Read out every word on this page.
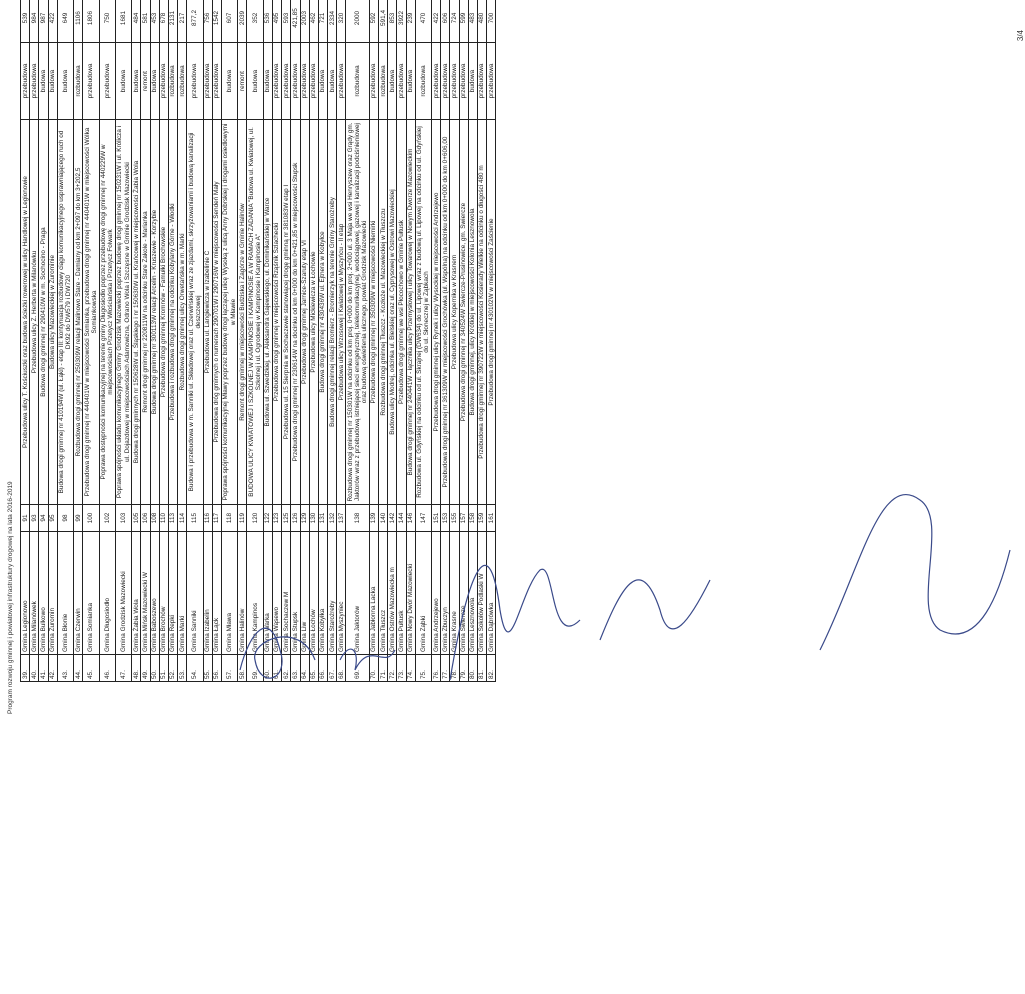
3/4
39.	Gmina Legionowo	91	Przebudowa ulicy T. Kościuszki oraz budowa ścieżki rowerowej w ulicy Handlowej w Legionowie	przebudowa	539
40.	Gmina Milanówek	93	Przebudowa ulicy Z. Herberta w Milanówku	przebudowa	984
41.	Gmina Bulkowo	94	Budowa drogi gminnej nr 290410W w m. Sochocino - Praga	budowa	987
42.	Gmina Żuromin	95	Budowa ulicy Mazowieckiej w Żurominie	budowa	422
43.	Gmina Błonie	98	Budowa drogi gminnej nr 410194W (ul. Łąki) - etap III: kontynuacja rozbudowy ciągu komunikacyjnego usprawniającego ruch od DK92 do DW579 i DW720	budowa	649
44.	Gmina Czerwin	99	Rozbudowa drogi gminnej nr 250309W relacji Malinowo Stare - Damiany od km 2+097 do km 3+202,5	rozbudowa	1106
45.	Gmina Somianka	100	Przebudowa drogi gminnej nr 440401W w miejscowości Somianka, przebudowa drogi gminnej nr 440401W w miejscowości Wólka Somiankowska	przebudowa	1806
46.	Gmina Długosiodło	102	Poprawa dostępności komunikacyjnej na terenie gminy Długosiodło poprzez przebudowę drogi gminnej nr 440229W w miejscowościach Przetycz Włościańska i Przetycz Folwark	przebudowa	750
47.	Gmina Grodzisk Mazowiecki	103	Poprawa spójności układu komunikacyjnego Gminy Grodzisk Mazowiecki poprzez budowę drogi gminnej nr 150231W i ul. Królicza i ul. Dojazdowej w miejscowościach Adamowizna, Odrano Wola i Szczęsne w Gminie Grodzisk Mazowiecki	budowa	1681
48.	Gmina Żabia Wola	105	Budowa drogi gminnych nr 150628W ul. Śląskiego i nr 150630W ul. Krańcowej w miejscowości Żabia Wola	budowa	484
49.	Gmina Mińsk Mazowiecki W	106	Remont drogi gminnej nr 220811W na odcinku Stare Zakole - Marianka	remont	581
50.	Gmina Baboszewo	108	Budowa drogi gminnej nr 300113W relacji Arcelin - Kruszewie - Korzybie	budowa	453
51.	Gmina Brochów	110	Przebudowa drogi gminnej Kromnów - Famułki Brochowskie	przebudowa	678
52.	Gmina Repki	113	Przebudowa i rozbudowa drogi gminnej na odcinku Kobylany Górne - Włodki	rozbudowa	2131
53.	Gmina Marki	114	Rozbudowa drogi gminnej ulicy Orwetańska w m. Marki	rozbudowa	217
54.	Gmina Sanniki	115	Budowa i przebudowa w m. Sanniki ul. Składowej oraz ul. Czerwińskiej wraz ze zjazdami, skrzyżowaniami i budową kanalizacji deszczowej	przebudowa	877,2
55.	Gmina Izabelin	116	Przebudowa ul. Langiewicza w Izabelinie C	przebudowa	756
56.	Gmina Łąck	117	Przebudowa dróg gminnych o numerach 290701W i 290716W w miejscowości Sendeń Mały	przebudowa	1542
57.	Gmina Mława	118	Poprawa spójności komunikacyjnej Mławy poprzez budowę drogi łączącej ulicę Wysoką z ulicą Anny Dobrskiej i drogami osiedlowymi w Mławie	budowa	607
58.	Gmina Halinów	119	Remont drogi gminnej w miejscowości Budziska i Zagórze w Gminie Halinów	remont	2039
59.	Gmina Kampinos	120	BUDOWA ULICY KWIATOWEJ I SZKOLNEJ W KAMPINOSIE I KAMPINOSIE A W RAMACH ZADANIA "Budowa ul. Kwiatowej, ul. Szkolnej i ul. Ogrodowej w Kampinosie i Kampinosie A"	budowa	352
60.	Gmina Warka	122	Budowa ul. Szwedzkiej, ul. Aleksandra Gajewskiego, ul. Dominikańskiej w Warce	budowa	536
61.	Gmina Wąsewo	123	Przebudowa drogi gminnej w miejscowości Rząśnik Szlachecki	przebudowa	495
62.	Gmina Sochaczew M	125	Przebudowa ul. 15 Sierpnia w Sochaczewie stanowiącej drogę gminną nr 381083W etap I	przebudowa	593
63.	Gmina Stupsk	126	Przebudowa drogi gminnej nr 230614W na docinku od km 0+000 do km 0+421,85 w miejscowości Stupsk	przebudowa	421,85
64.	Gmina Liw	129	Przebudowa drogi gminnej Jarnice-Szaruty etap VI	przebudowa	2003
65.	Gmina Łochów	130	Przebudowa ulicy Mickiewicza w Łochowie	przebudowa	462
66.	Gmina Kobyłka	131	Budowa drogi gminnej nr 430436W ul. Ejtnera w Kobyłce	budowa	721
67.	Gmina Starożreby	132	Budowa drogi gminnej relacji Bromierz - Bromierzyk na terenie Gminy Starożreby	budowa	2334
68.	Gmina Myszyniec	137	Przebudowa ulicy Wrzosowej i Kwiatowej w Myszyńcu - II etap	przebudowa	320
69.	Gmina Jaktorów	138	Rozbudowa drogi gminnej nr 150301W na odcinku od km proj. 0+000 do km proj. 2+000 ul. 3 Maja we wsi Henryszew oraz Grądy gm. Jaktorów wraz z przebudową istniejącej sieci energetycznej, telekomunikacyjnej, wodociągowej, gazowej i kanalizacji podciśnieniowej oraz budową oświetlenia ulicznego, powiat Grodzisk Mazowiecki	rozbudowa	2000
70.	Gmina Jabłonna Lacka	139	Przebudowa drogi gminnej nr 350309W w miejscowości Niemirki	przebudowa	592
71.	Gmina Tłuszcz	140	Rozbudowa drogi gminnej Tłuszcz - Kozłoże ul. Mazowieckiej w Tłuszczu	rozbudowa	591,4
72.	Gmina Ostrów Mazowiecka m	142	Budowa ulicy Modrej, odcinka ul. Bielskiej oraz ul. Cyprysowej w Ostrowi Mazowieckiej	budowa	853
73.	Gmina Pułtusk	144	Przebudowa drogi gminnej we wsi Płocochowo w Gminie Pułtusk	przebudowa	3922
74.	Gmina Nowy Dwór Mazowiecki	146	Budowa drogi gminnej nr 240441W - łącznika ulicy Przemysłowej i ulicy Towarowej w Nowym Dworze Mazowieckim	budowa	239
75.	Gmina Ząbki	147	Rozbudowa ul. Gdyńskiej na odcinku od ul. Skrajnej (DW634) do ul. Lipowej wraz z budową ul. Lipowej na odcinku od ul. Gdyńskiej do ul. Słonecznej w Ząbkach	rozbudowa	470
76.	Gmina Andrzejewo	151	Przebudowa drogi gminnej ulicy Rynek i ulicy Wysockiej w miejscowości Andrzejewo	przebudowa	422
77.	Gmina Zbuczyn	153	Przebudowa drogi gminnej nr 361309W w miejscowości Grochówka (ul. Wspólna) na odcinku od km 0+000 do km 0+606,00	przebudowa	606
78.	Gmina Krasne	155	Przebudowa ulicy Kopernika w Krasnem	przebudowa	724
79.	Gmina Świercze	157	Przebudowa drogi gminnej nr 340524W Świercze-Prusinowice, gm. Świercze	przebudowa	599
80.	Gmina Lesznowola	158	Budowa drogi gminnej, ulicy Krótkiej w miejscowości Kolonia Lesznowola	budowa	483
81.	Gmina Sokołów Podlaski W	159	Przebudowa drogi gminnej nr 390722W w miejscowości Kosierady Wielkie na odcinku o długości 480 m	przebudowa	480
82.	Gmina Dąbrówka	161	Przebudowa drogi gminnej nr 430102W w miejscowości Zaścienie	przebudowa	700
Program rozwoju gminnej i powiatowej infrastruktury drogowej na lata 2016-2019
